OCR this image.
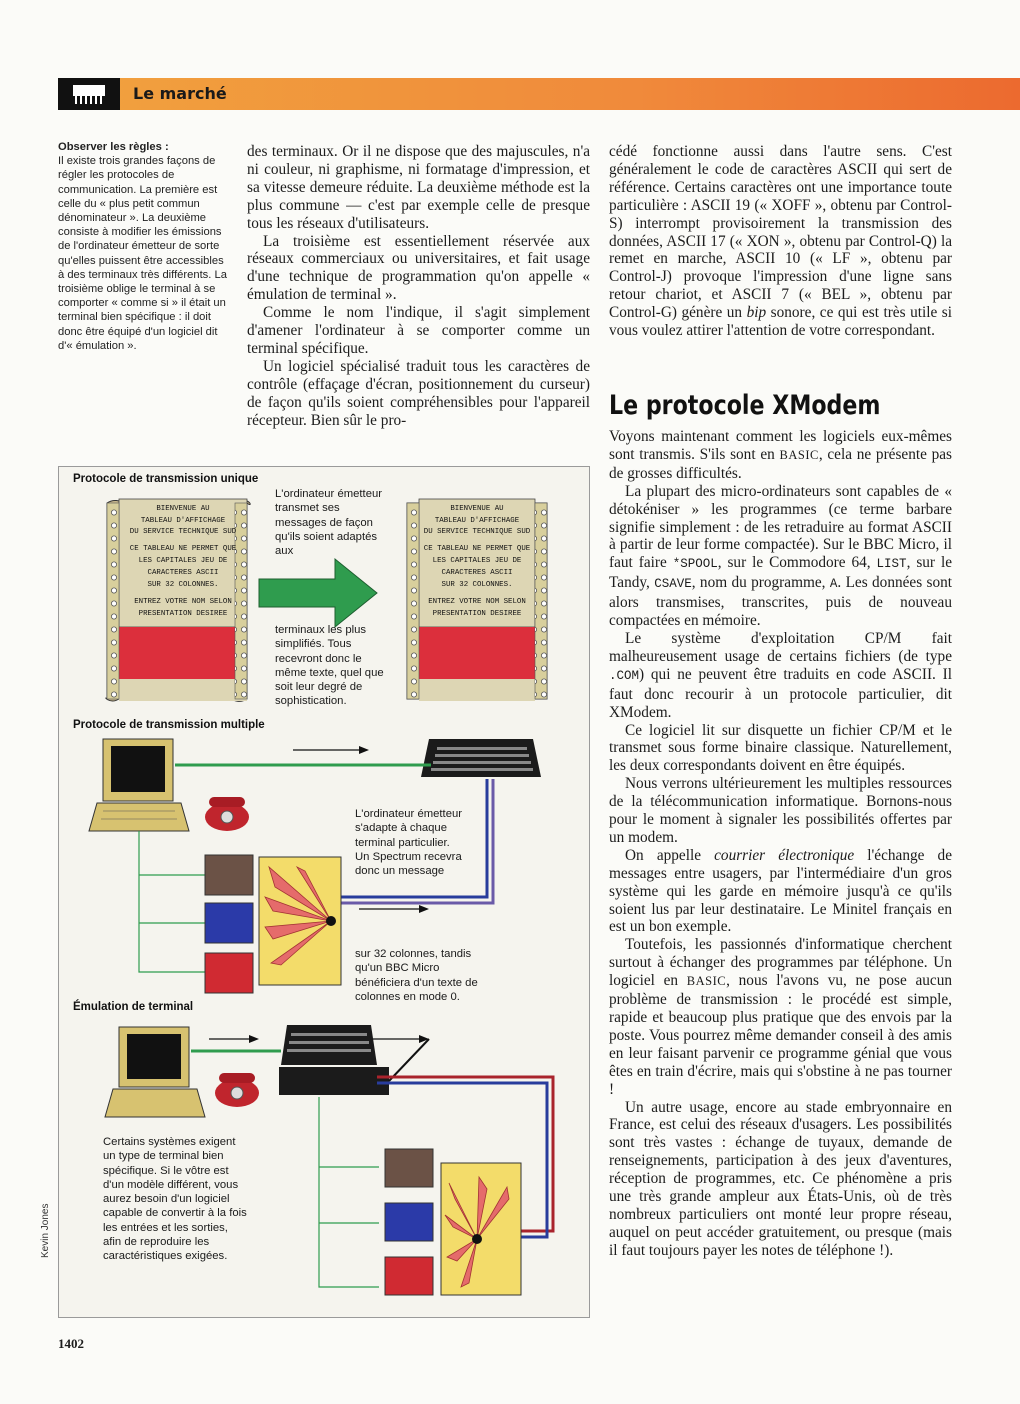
Le marché
Observer les règles :
Il existe trois grandes façons de régler les protocoles de communication. La première est celle du « plus petit commun dénominateur ». La deuxième consiste à modifier les émissions de l'ordinateur émetteur de sorte qu'elles puissent être accessibles à des terminaux très différents. La troisième oblige le terminal à se comporter « comme si » il était un terminal bien spécifique : il doit donc être équipé d'un logiciel dit d'« émulation ».

des terminaux. Or il ne dispose que des majuscules, n'a ni couleur, ni graphisme, ni formatage d'impression, et sa vitesse demeure réduite. La deuxième méthode est la plus commune — c'est par exemple celle de presque tous les réseaux d'utilisateurs.

La troisième est essentiellement réservée aux réseaux commerciaux ou universitaires, et fait usage d'une technique de programmation qu'on appelle « émulation de terminal ».

Comme le nom l'indique, il s'agit simplement d'amener l'ordinateur à se comporter comme un terminal spécifique.

Un logiciel spécialisé traduit tous les caractères de contrôle (effaçage d'écran, positionnement du curseur) de façon qu'ils soient compréhensibles pour l'appareil récepteur. Bien sûr le pro-

cédé fonctionne aussi dans l'autre sens. C'est généralement le code de caractères ASCII qui sert de référence. Certains caractères ont une importance toute particulière : ASCII 19 (« XOFF », obtenu par Control-S) interrompt provisoirement la transmission des données, ASCII 17 (« XON », obtenu par Control-Q) la remet en marche, ASCII 10 (« LF », obtenu par Control-J) provoque l'impression d'une ligne sans retour chariot, et ASCII 7 (« BEL », obtenu par Control-G) génère un bip sonore, ce qui est très utile si vous voulez attirer l'attention de votre correspondant.

Le protocole XModem

Voyons maintenant comment les logiciels eux-mêmes sont transmis. S'ils sont en BASIC, cela ne présente pas de grosses difficultés.

La plupart des micro-ordinateurs sont capables de « détokéniser » les programmes (ce terme barbare signifie simplement : de les retraduire au format ASCII à partir de leur forme compactée). Sur le BBC Micro, il faut faire *SPOOL, sur le Commodore 64, LIST, sur le Tandy, CSAVE, nom du programme, A. Les données sont alors transmises, transcrites, puis de nouveau compactées en mémoire.

Le système d'exploitation CP/M fait malheureusement usage de certains fichiers (de type .COM) qui ne peuvent être traduits en code ASCII. Il faut donc recourir à un protocole particulier, dit XModem.

Ce logiciel lit sur disquette un fichier CP/M et le transmet sous forme binaire classique. Naturellement, les deux correspondants doivent en être équipés.

Nous verrons ultérieurement les multiples ressources de la télécommunication informatique. Bornons-nous pour le moment à signaler les possibilités offertes par un modem.

On appelle courrier électronique l'échange de messages entre usagers, par l'intermédiaire d'un gros système qui les garde en mémoire jusqu'à ce qu'ils soient lus par leur destinataire. Le Minitel français en est un bon exemple.

Toutefois, les passionnés d'informatique cherchent surtout à échanger des programmes par téléphone. Un logiciel en BASIC, nous l'avons vu, ne pose aucun problème de transmission : le procédé est simple, rapide et beaucoup plus pratique que des envois par la poste. Vous pourrez même demander conseil à des amis en leur faisant parvenir ce programme génial que vous êtes en train d'écrire, mais qui s'obstine à ne pas tourner !

Un autre usage, encore au stade embryonnaire en France, est celui des réseaux d'usagers. Les possibilités sont très vastes : échange de tuyaux, demande de renseignements, participation à des jeux d'aventures, réception de programmes, etc. Ce phénomène a pris une très grande ampleur aux États-Unis, où de très nombreux particuliers ont monté leur propre réseau, auquel on peut accéder gratuitement, ou presque (mais il faut toujours payer les notes de téléphone !).

BIENVENUE AU
TABLEAU D'AFFICHAGE
DU SERVICE TECHNIQUE SUD
CE TABLEAU NE PERMET QUE
LES CAPITALES JEU DE
CARACTERES ASCII
SUR 32 COLONNES.
ENTREZ VOTRE NOM SELON
PRESENTATION DESIREE
BIENVENUE AU
TABLEAU D'AFFICHAGE
DU SERVICE TECHNIQUE SUD
CE TABLEAU NE PERMET QUE
LES CAPITALES JEU DE
CARACTERES ASCII
SUR 32 COLONNES.
ENTREZ VOTRE NOM SELON
PRESENTATION DESIREE
Protocole de transmission unique
L'ordinateur émetteur transmet ses messages de façon qu'ils soient adaptés aux
terminaux les plus simplifiés. Tous recevront donc le même texte, quel que soit leur degré de sophistication.
Protocole de transmission multiple
L'ordinateur émetteur s'adapte à chaque terminal particulier. Un Spectrum recevra donc un message
sur 32 colonnes, tandis qu'un BBC Micro bénéficiera d'un texte de colonnes en mode 0.
Émulation de terminal
Certains systèmes exigent un type de terminal bien spécifique. Si le vôtre est d'un modèle différent, vous aurez besoin d'un logiciel capable de convertir à la fois les entrées et les sorties, afin de reproduire les caractéristiques exigées.
Kevin Jones
1402
